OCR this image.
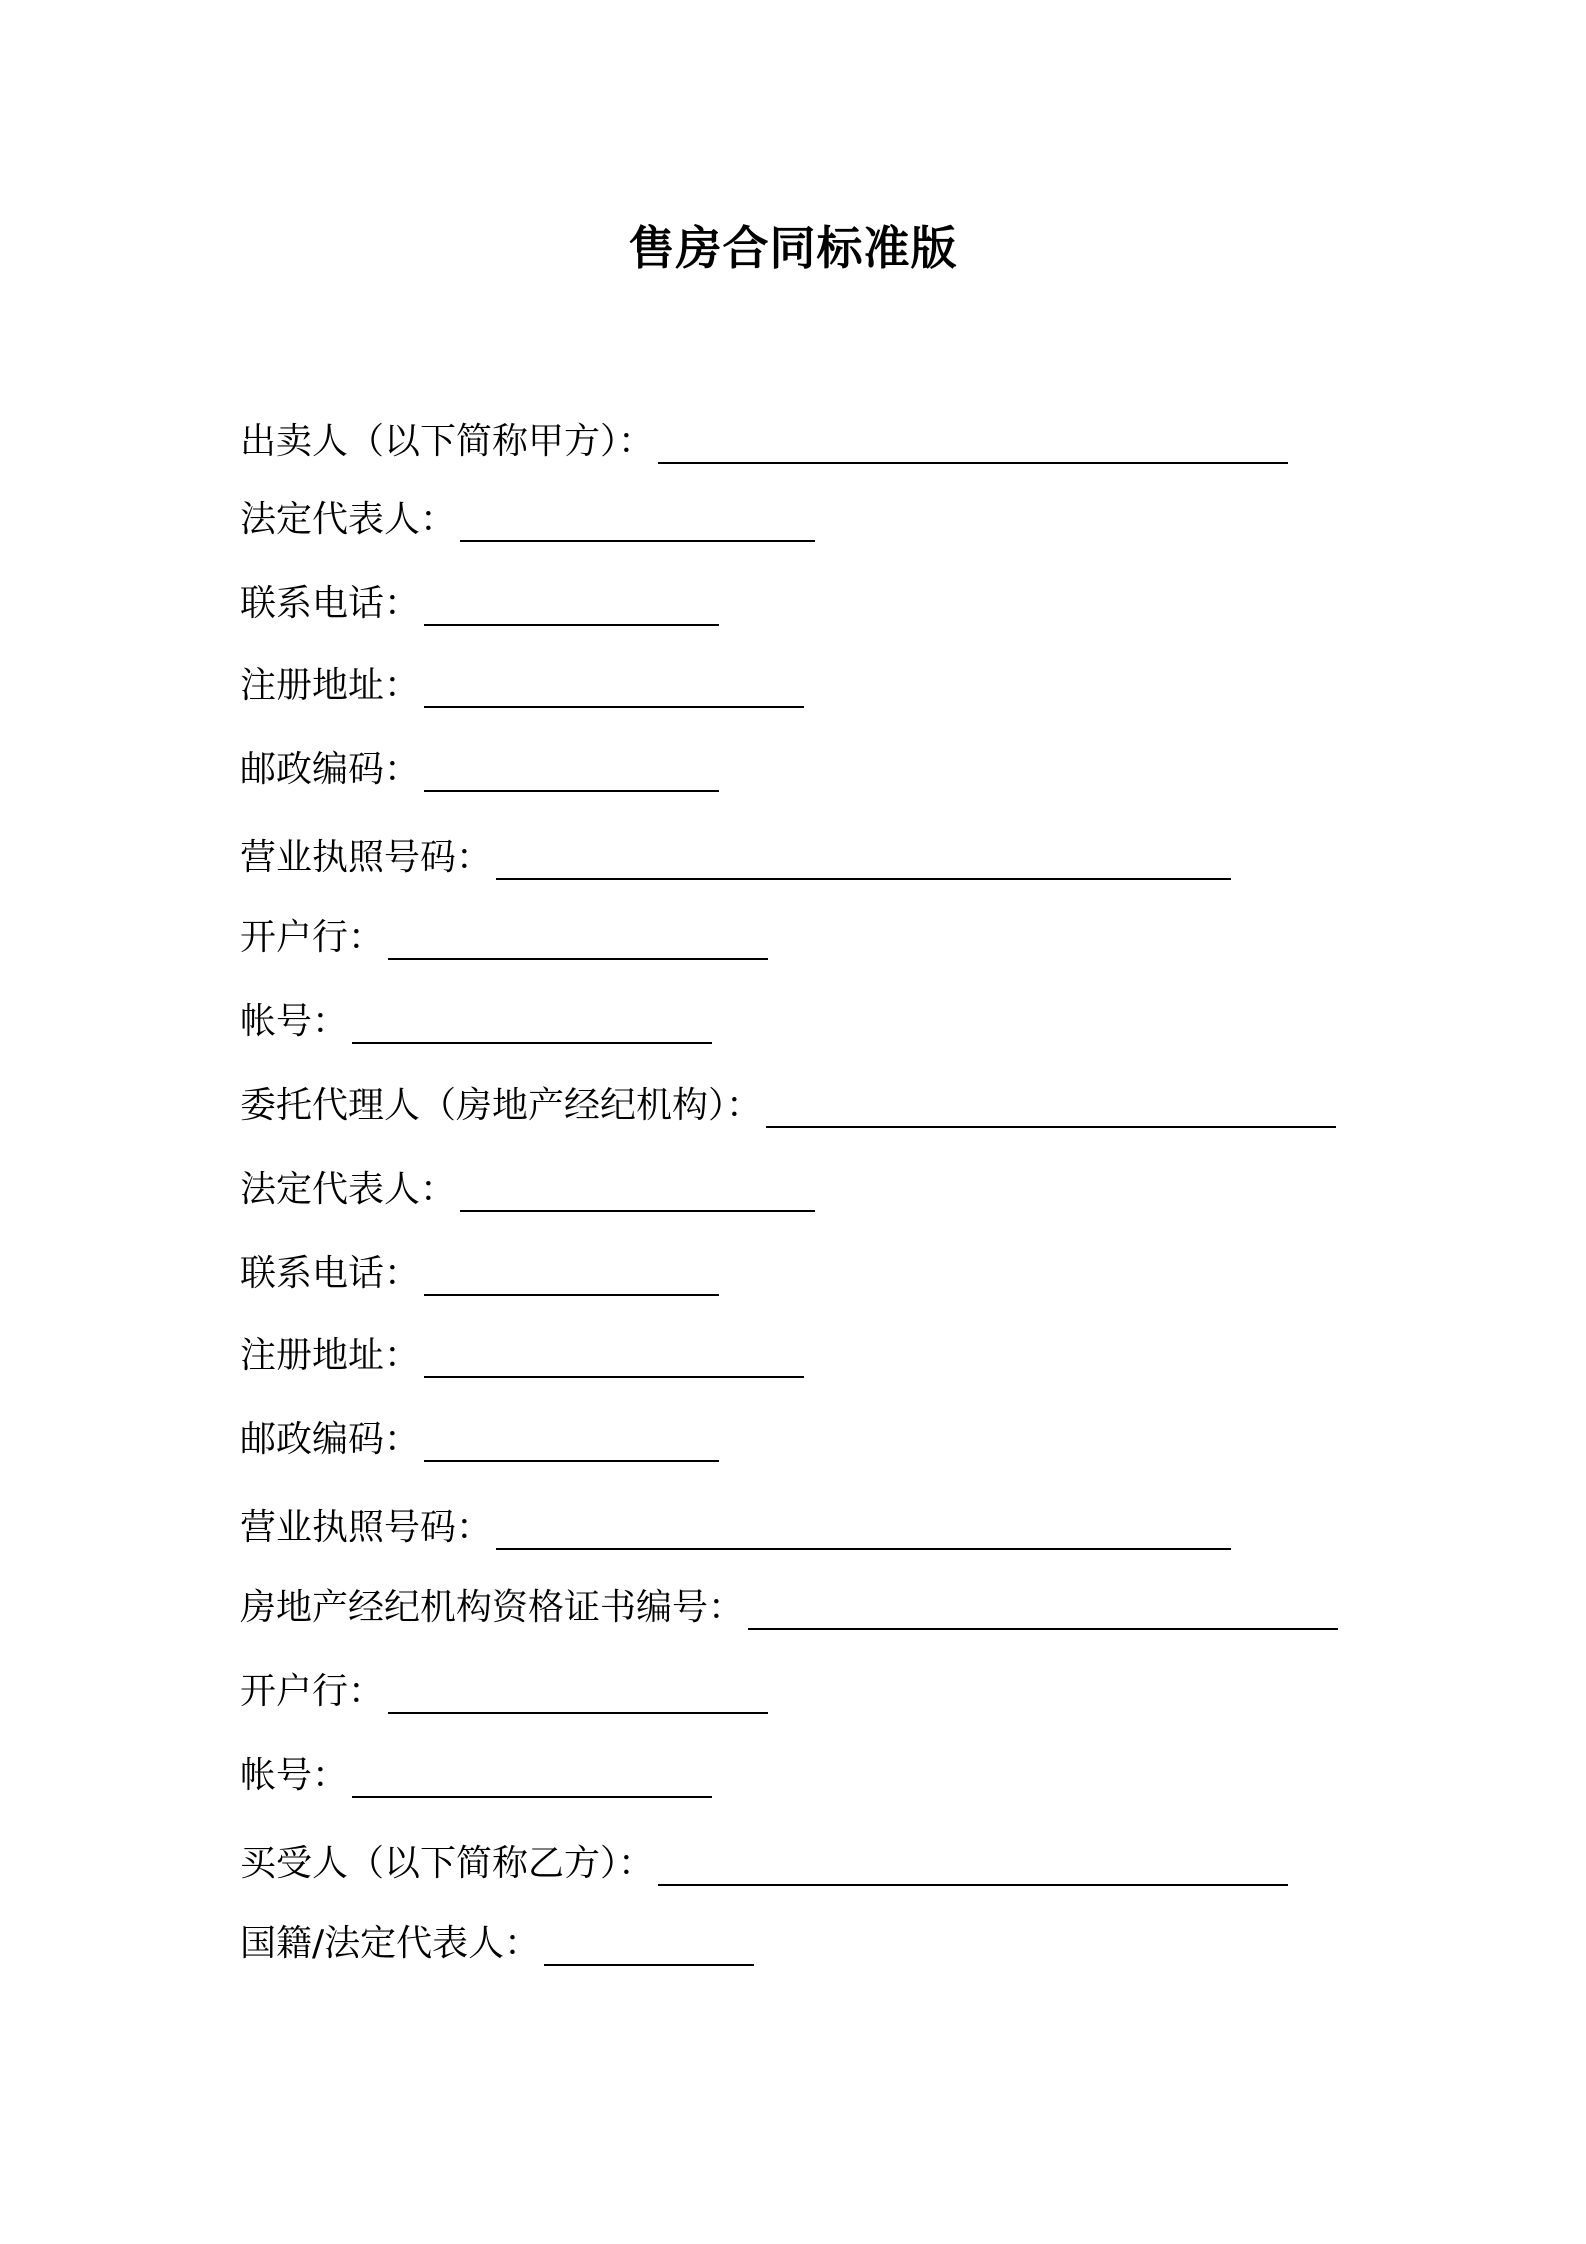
售房合同标准版
出卖人（以下简称甲方）：
法定代表人：
联系电话：
注册地址：
邮政编码：
营业执照号码：
开户行：
帐号：
委托代理人（房地产经纪机构）：
法定代表人：
联系电话：
注册地址：
邮政编码：
营业执照号码：
房地产经纪机构资格证书编号：
开户行：
帐号：
买受人（以下简称乙方）：
国籍/法定代表人：
